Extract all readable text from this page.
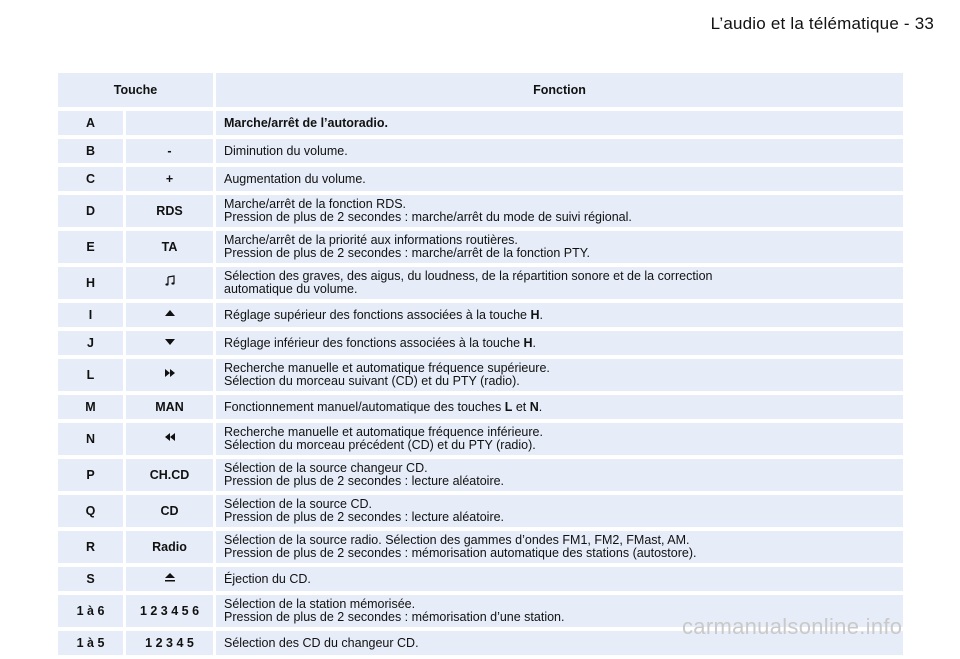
L’audio et la télématique - 33
Touche		Fonction
A		Marche/arrêt de l’autoradio.

B	-	Diminution du volume.

C	+	Augmentation du volume.

D	RDS	Marche/arrêt de la fonction RDS.
Pression de plus de 2 secondes : marche/arrêt du mode de suivi régional.

E	TA	Marche/arrêt de la priorité aux informations routières.
Pression de plus de 2 secondes : marche/arrêt de la fonction PTY.

H		Sélection des graves, des aigus, du loudness, de la répartition sonore et de la correction
automatique du volume.

I		Réglage supérieur des fonctions associées à la touche H.

J		Réglage inférieur des fonctions associées à la touche H.

L		Recherche manuelle et automatique fréquence supérieure.
Sélection du morceau suivant (CD) et du PTY (radio).

M	MAN	Fonctionnement manuel/automatique des touches L et N.

N		Recherche manuelle et automatique fréquence inférieure.
Sélection du morceau précédent (CD) et du PTY (radio).

P	CH.CD	Sélection de la source changeur CD.
Pression de plus de 2 secondes : lecture aléatoire.

Q	CD	Sélection de la source CD.
Pression de plus de 2 secondes : lecture aléatoire.

R	Radio	Sélection de la source radio. Sélection des gammes d’ondes FM1, FM2, FMast, AM.
Pression de plus de 2 secondes : mémorisation automatique des stations (autostore).

S		Éjection du CD.

1 à 6	1 2 3 4 5 6	Sélection de la station mémorisée.
Pression de plus de 2 secondes : mémorisation d’une station.

1 à 5	1 2 3 4 5	Sélection des CD du changeur CD.
carmanualsonline.info
